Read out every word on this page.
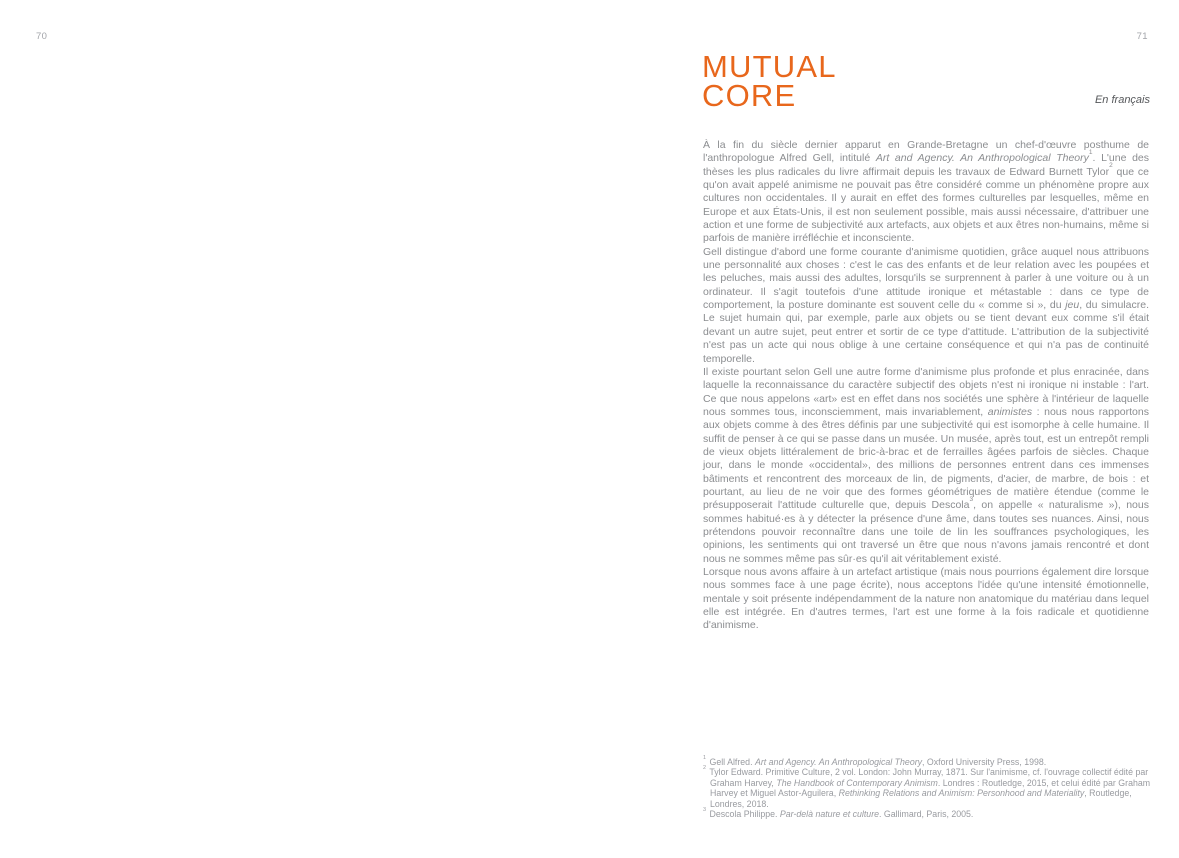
70	71
MUTUAL
CORE	En français

À la fin du siècle dernier apparut en Grande-Bretagne un chef-d'œuvre posthume de l'anthropologue Alfred Gell, intitulé Art and Agency. An Anthropological Theory$^1$. L'une des thèses les plus radicales du livre affirmait depuis les travaux de Edward Burnett Tylor$^2$ que ce qu'on avait appelé animisme ne pouvait pas être considéré comme un phénomène propre aux cultures non occidentales. Il y aurait en effet des formes culturelles par lesquelles, même en Europe et aux États-Unis, il est non seulement possible, mais aussi nécessaire, d'attribuer une action et une forme de subjectivité aux artefacts, aux objets et aux êtres non-humains, même si parfois de manière irréfléchie et inconsciente.

Gell distingue d'abord une forme courante d'animisme quotidien, grâce auquel nous attribuons une personnalité aux choses : c'est le cas des enfants et de leur relation avec les poupées et les peluches, mais aussi des adultes, lorsqu'ils se surprennent à parler à une voiture ou à un ordinateur. Il s'agit toutefois d'une attitude ironique et métastable : dans ce type de comportement, la posture dominante est souvent celle du « comme si », du jeu, du simulacre. Le sujet humain qui, par exemple, parle aux objets ou se tient devant eux comme s'il était devant un autre sujet, peut entrer et sortir de ce type d'attitude. L'attribution de la subjectivité n'est pas un acte qui nous oblige à une certaine conséquence et qui n'a pas de continuité temporelle.

Il existe pourtant selon Gell une autre forme d'animisme plus profonde et plus enracinée, dans laquelle la reconnaissance du caractère subjectif des objets n'est ni ironique ni instable : l'art. Ce que nous appelons «art» est en effet dans nos sociétés une sphère à l'intérieur de laquelle nous sommes tous, inconsciemment, mais invariablement, animistes : nous nous rapportons aux objets comme à des êtres définis par une subjectivité qui est isomorphe à celle humaine. Il suffit de penser à ce qui se passe dans un musée. Un musée, après tout, est un entrepôt rempli de vieux objets littéralement de bric-à-brac et de ferrailles âgées parfois de siècles. Chaque jour, dans le monde «occidental», des millions de personnes entrent dans ces immenses bâtiments et rencontrent des morceaux de lin, de pigments, d'acier, de marbre, de bois : et pourtant, au lieu de ne voir que des formes géométriques de matière étendue (comme le présupposerait l'attitude culturelle que, depuis Descola$^3$, on appelle « naturalisme »), nous sommes habitué·es à y détecter la présence d'une âme, dans toutes ses nuances. Ainsi, nous prétendons pouvoir reconnaître dans une toile de lin les souffrances psychologiques, les opinions, les sentiments qui ont traversé un être que nous n'avons jamais rencontré et dont nous ne sommes même pas sûr·es qu'il ait véritablement existé.

Lorsque nous avons affaire à un artefact artistique (mais nous pourrions également dire lorsque nous sommes face à une page écrite), nous acceptons l'idée qu'une intensité émotionnelle, mentale y soit présente indépendamment de la nature non anatomique du matériau dans lequel elle est intégrée. En d'autres termes, l'art est une forme à la fois radicale et quotidienne d'animisme.

$^1$ Gell Alfred. Art and Agency. An Anthropological Theory, Oxford University Press, 1998.
$^2$ Tylor Edward. Primitive Culture, 2 vol. London: John Murray, 1871. Sur l'animisme, cf. l'ouvrage collectif édité par Graham Harvey, The Handbook of Contemporary Animism. Londres : Routledge, 2015, et celui édité par Graham Harvey et Miguel Astor-Aguilera, Rethinking Relations and Animism: Personhood and Materiality, Routledge, Londres, 2018.
$^3$ Descola Philippe. Par-delà nature et culture. Gallimard, Paris, 2005.
